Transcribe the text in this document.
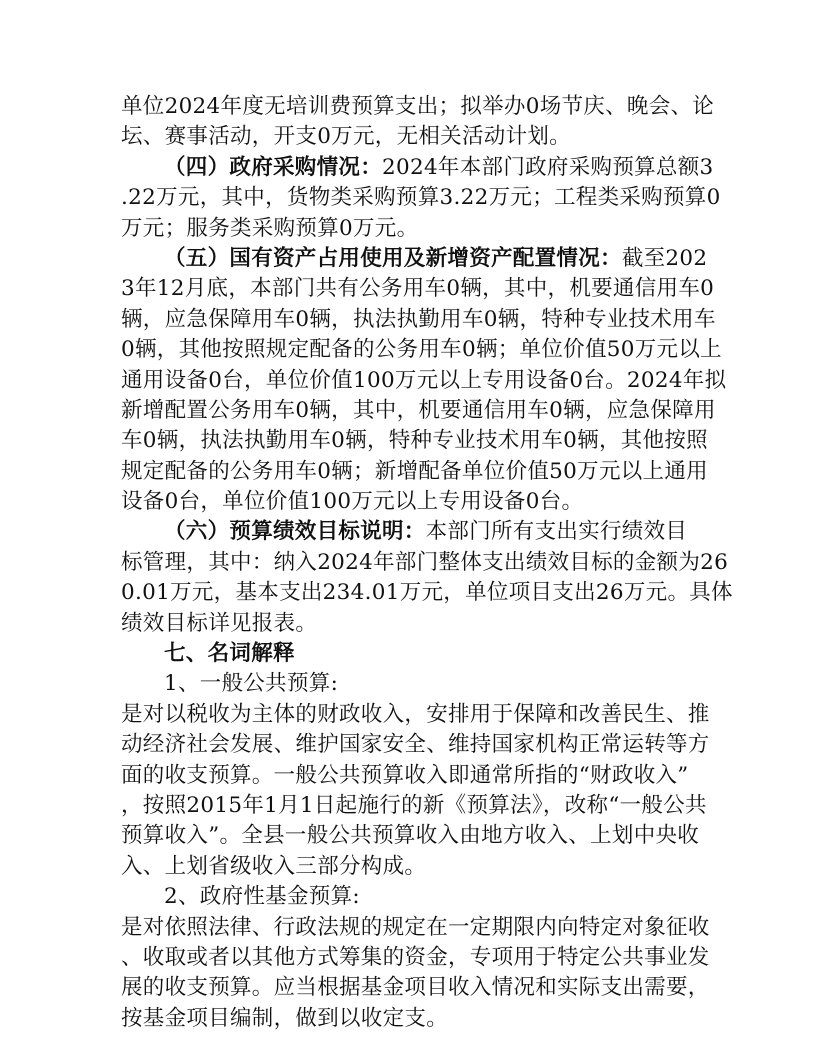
单位2024年度无培训费预算支出；拟举办0场节庆、晚会、论
坛、赛事活动，开支0万元，无相关活动计划。
（四）政府采购情况：2024年本部门政府采购预算总额3
.22万元，其中，货物类采购预算3.22万元；工程类采购预算0
万元；服务类采购预算0万元。
（五）国有资产占用使用及新增资产配置情况：截至202
3年12月底，本部门共有公务用车0辆，其中，机要通信用车0
辆，应急保障用车0辆，执法执勤用车0辆，特种专业技术用车
0辆，其他按照规定配备的公务用车0辆；单位价值50万元以上
通用设备0台，单位价值100万元以上专用设备0台。2024年拟
新增配置公务用车0辆，其中，机要通信用车0辆，应急保障用
车0辆，执法执勤用车0辆，特种专业技术用车0辆，其他按照
规定配备的公务用车0辆；新增配备单位价值50万元以上通用
设备0台，单位价值100万元以上专用设备0台。
（六）预算绩效目标说明：本部门所有支出实行绩效目
标管理，其中：纳入2024年部门整体支出绩效目标的金额为26
0.01万元，基本支出234.01万元，单位项目支出26万元。具体
绩效目标详见报表。
七、名词解释
1、一般公共预算:
是对以税收为主体的财政收入，安排用于保障和改善民生、推
动经济社会发展、维护国家安全、维持国家机构正常运转等方
面的收支预算。一般公共预算收入即通常所指的“财政收入”
，按照2015年1月1日起施行的新《预算法》，改称“一般公共
预算收入”。全县一般公共预算收入由地方收入、上划中央收
入、上划省级收入三部分构成。
2、政府性基金预算:
是对依照法律、行政法规的规定在一定期限内向特定对象征收
、收取或者以其他方式筹集的资金，专项用于特定公共事业发
展的收支预算。应当根据基金项目收入情况和实际支出需要，
按基金项目编制，做到以收定支。
